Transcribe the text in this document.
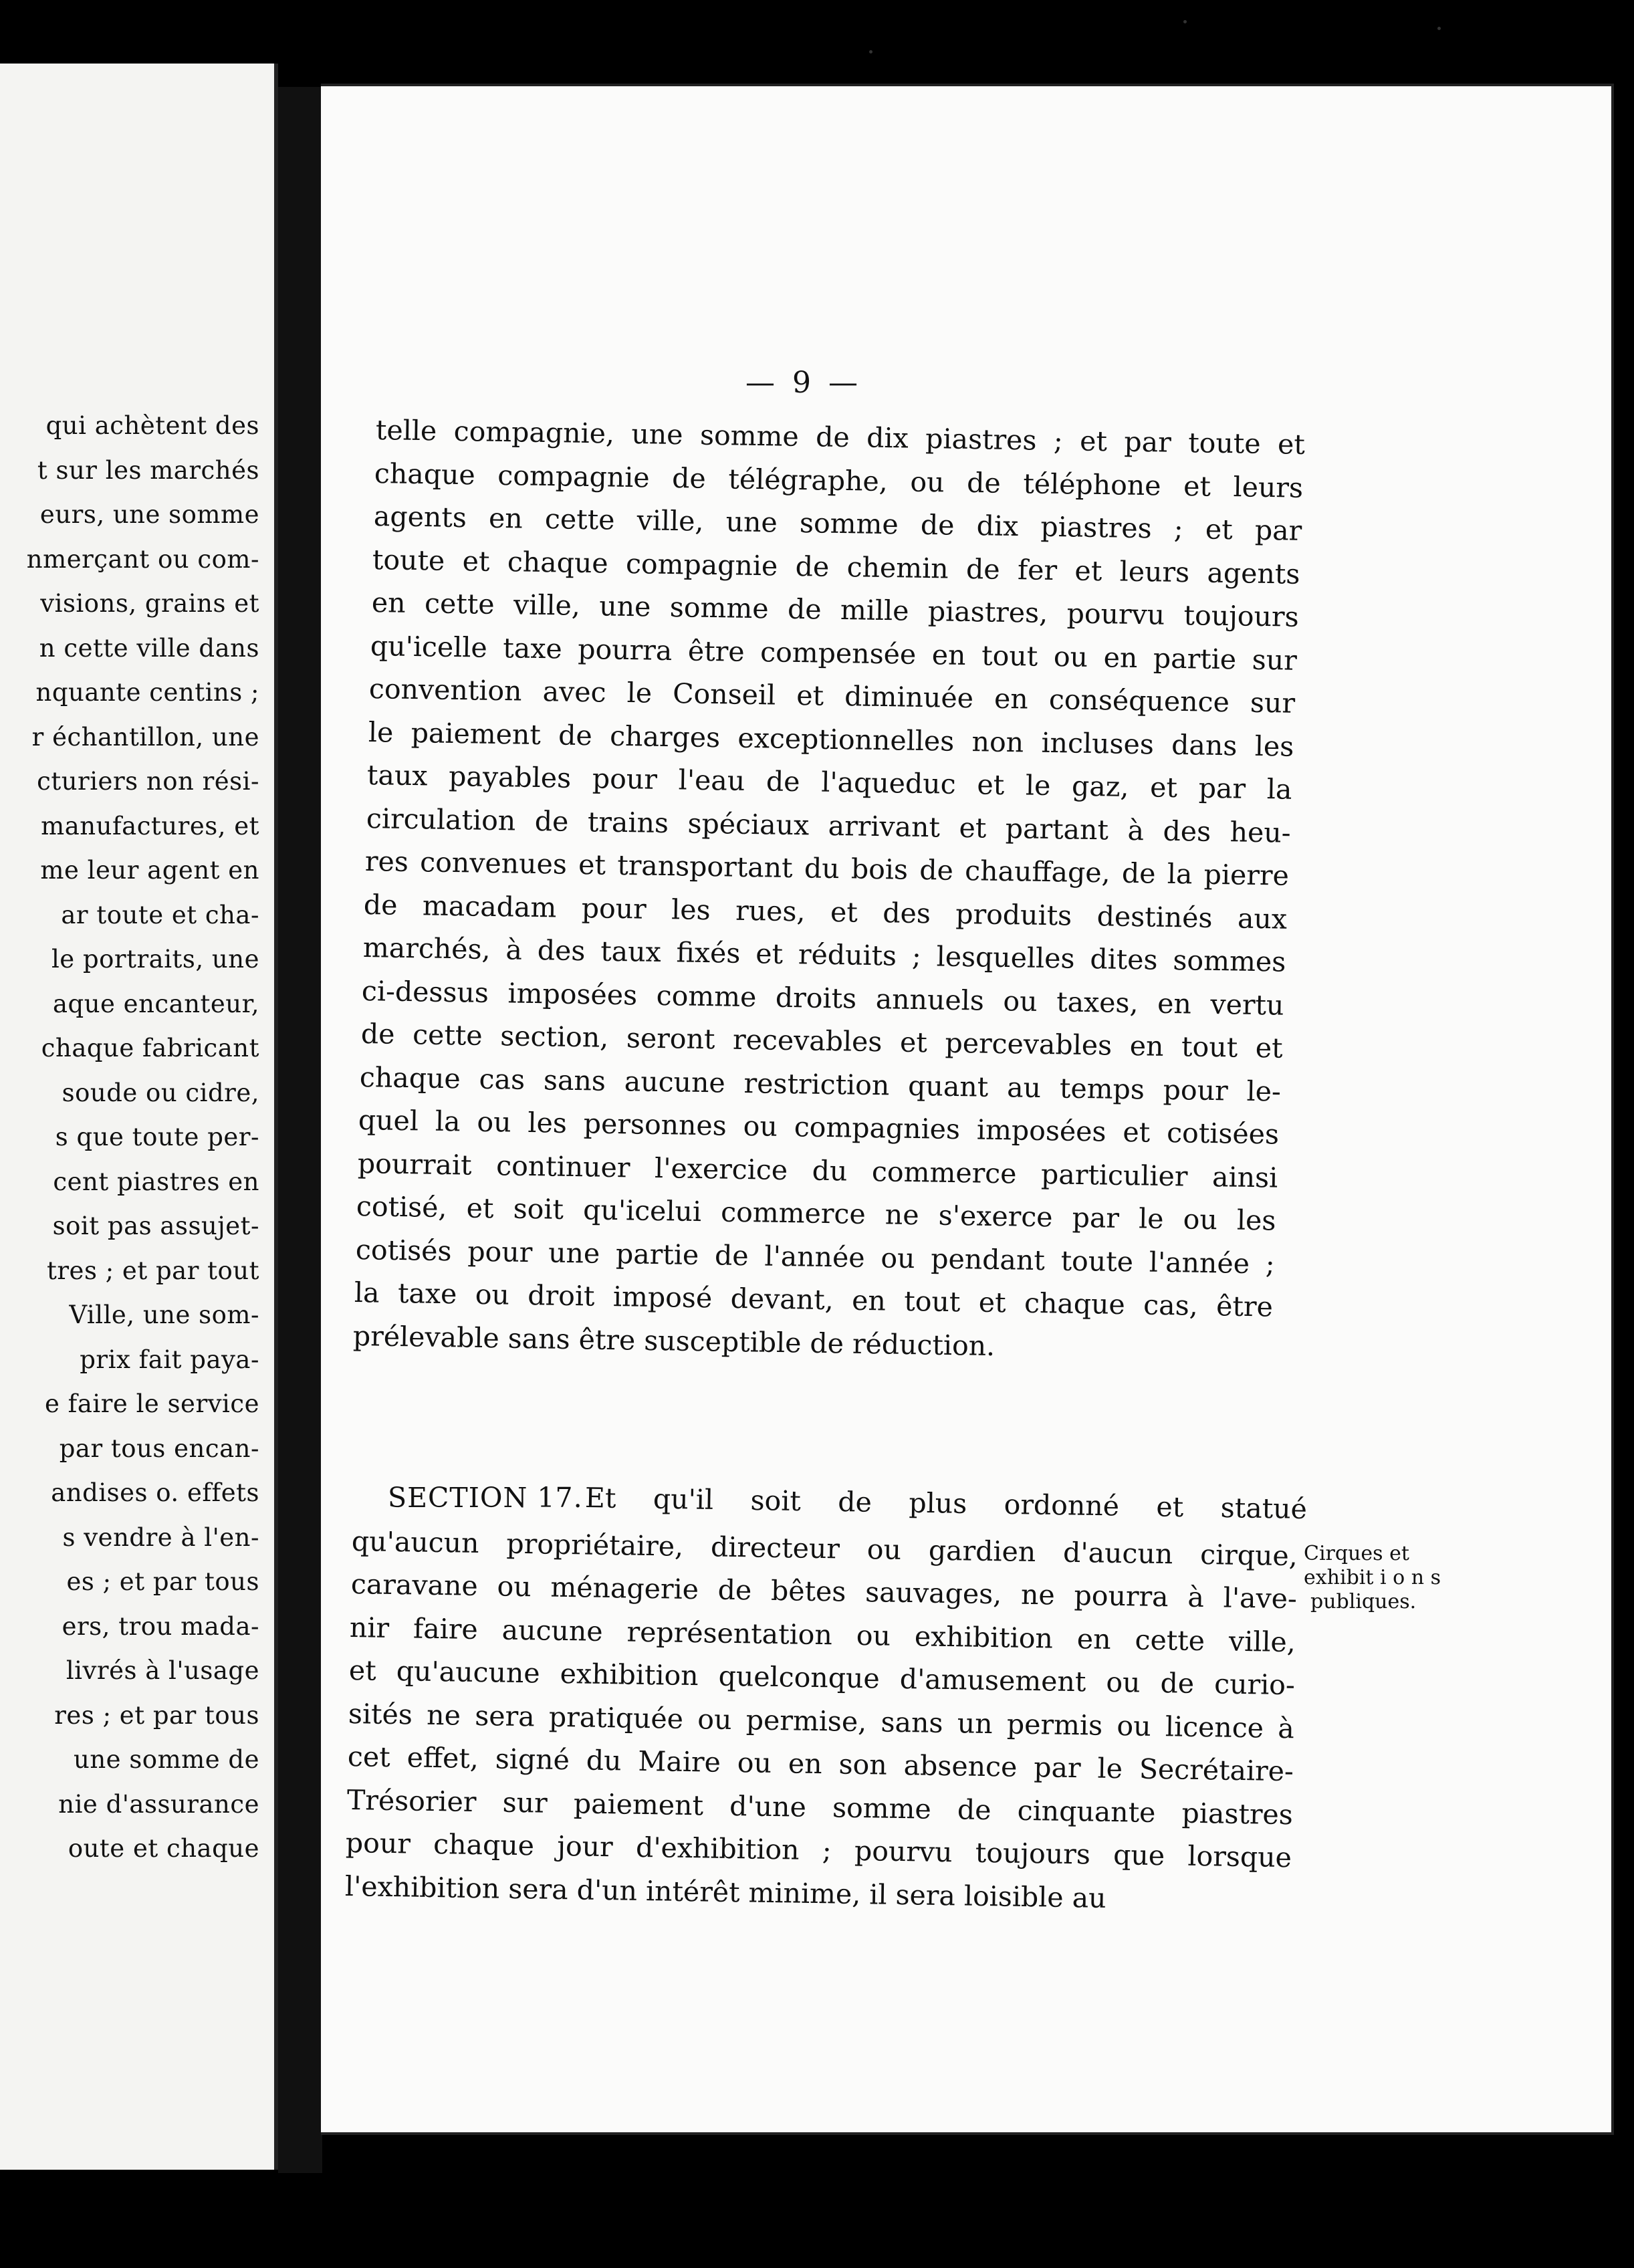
qui achètent des
t sur les marchés
eurs, une somme
nmerçant ou com-
visions, grains et
n cette ville dans
nquante centins ;
r échantillon, une
cturiers non rési-
manufactures, et
me leur agent en
ar toute et cha-
le portraits, une
aque encanteur,
chaque fabricant
soude ou cidre,
s que toute per-
cent piastres en
soit pas assujet-
tres ; et par tout
Ville, une som-
prix fait paya-
e faire le service
par tous encan-
andises o. effets
s vendre à l'en-
es ; et par tous
ers, trou mada-
livrés à l'usage
res ; et par tous
une somme de
nie d'assurance
oute et chaque
— 9 —
telle compagnie, une somme de dix piastres ; et par toute et
chaque compagnie de télégraphe, ou de téléphone et leurs
agents en cette ville, une somme de dix piastres ; et par
toute et chaque compagnie de chemin de fer et leurs agents
en cette ville, une somme de mille piastres, pourvu toujours
qu'icelle taxe pourra être compensée en tout ou en partie sur
convention avec le Conseil et diminuée en conséquence sur
le paiement de charges exceptionnelles non incluses dans les
taux payables pour l'eau de l'aqueduc et le gaz, et par la
circulation de trains spéciaux arrivant et partant à des heu-
res convenues et transportant du bois de chauffage, de la pierre
de macadam pour les rues, et des produits destinés aux
marchés, à des taux fixés et réduits ; lesquelles dites sommes
ci-dessus imposées comme droits annuels ou taxes, en vertu
de cette section, seront recevables et percevables en tout et
chaque cas sans aucune restriction quant au temps pour le-
quel la ou les personnes ou compagnies imposées et cotisées
pourrait continuer l'exercice du commerce particulier ainsi
cotisé, et soit qu'icelui commerce ne s'exerce par le ou les
cotisés pour une partie de l'année ou pendant toute l'année ;
la taxe ou droit imposé devant, en tout et chaque cas, être
prélevable sans être susceptible de réduction.
SECTION 17. Et qu'il soit de plus ordonné et statué
qu'aucun propriétaire, directeur ou gardien d'aucun cirque,
caravane ou ménagerie de bêtes sauvages, ne pourra à l'ave-
nir faire aucune représentation ou exhibition en cette ville,
et qu'aucune exhibition quelconque d'amusement ou de curio-
sités ne sera pratiquée ou permise, sans un permis ou licence à
cet effet, signé du Maire ou en son absence par le Secrétaire-
Trésorier sur paiement d'une somme de cinquante piastres
pour chaque jour d'exhibition ; pourvu toujours que lorsque
l'exhibition sera d'un intérêt minime, il sera loisible au
Cirques et
exhibit i o n s
publiques.
